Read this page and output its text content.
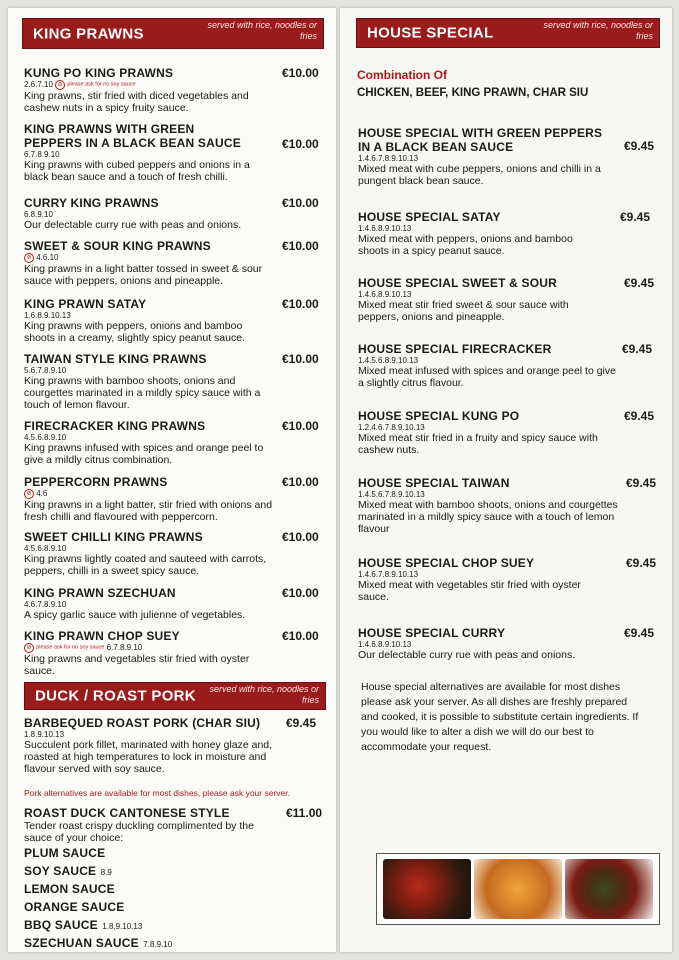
KING PRAWNS	served with rice, noodles or fries
KUNG PO KING PRAWNS	€10.00
2.6.7.10 ⊘ please ask for no soy sauce
King prawns, stir fried with diced vegetables and cashew nuts in a spicy fruity sauce.
KING PRAWNS WITH GREEN PEPPERS IN A BLACK BEAN SAUCE	€10.00
6.7.8.9.10
King prawns with cubed peppers and onions in a black bean sauce and a touch of fresh chilli.
CURRY KING PRAWNS	€10.00
6.8.9.10
Our delectable curry rue with peas and onions.
SWEET & SOUR KING PRAWNS	€10.00
⊘ 4.6.10
King prawns in a light batter tossed in sweet & sour sauce with peppers, onions and pineapple.
KING PRAWN SATAY	€10.00
1.6.8.9.10.13
King prawns with peppers, onions and bamboo shoots in a creamy, slightly spicy peanut sauce.
TAIWAN STYLE KING PRAWNS	€10.00
5.6.7.8.9.10
King prawns with bamboo shoots, onions and courgettes marinated in a mildly spicy sauce with a touch of lemon flavour.
FIRECRACKER KING PRAWNS	€10.00
4.5.6.8.9.10
King prawns infused with spices and orange peel to give a mildly citrus combination.
PEPPERCORN PRAWNS	€10.00
⊘ 4.6
King prawns in a light batter, stir fried with onions and fresh chilli and flavoured with peppercorn.
SWEET CHILLI KING PRAWNS	€10.00
4.5.6.8.9.10
King prawns lightly coated and sauteed with carrots, peppers, chilli in a sweet spicy sauce.
KING PRAWN SZECHUAN	€10.00
4.6.7.8.9.10
A spicy garlic sauce with julienne of vegetables.
KING PRAWN CHOP SUEY	€10.00
⊘ please ask for no soy sauce 6.7.8.9.10
King prawns and vegetables stir fried with oyster sauce.
DUCK / ROAST PORK	served with rice, noodles or fries
BARBEQUED ROAST PORK (CHAR SIU)	€9.45
1.8.9.10.13
Succulent pork fillet, marinated with honey glaze and, roasted at high temperatures to lock in moisture and flavour served with soy sauce.
Pork alternatives are available for most dishes, please ask your server.
ROAST DUCK CANTONESE STYLE	€11.00
Tender roast crispy duckling complimented by the sauce of your choice:
PLUM SAUCE
SOY SAUCE 8.9
LEMON SAUCE
ORANGE SAUCE
BBQ SAUCE 1.8.9.10.13
SZECHUAN SAUCE 7.8.9.10
HOUSE SPECIAL	served with rice, noodles or fries
Combination Of
CHICKEN, BEEF, KING PRAWN, CHAR SIU
HOUSE SPECIAL WITH GREEN PEPPERS IN A BLACK BEAN SAUCE	€9.45
1.4.6.7.8.9.10.13
Mixed meat with cube peppers, onions and chilli in a pungent black bean sauce.
HOUSE SPECIAL SATAY	€9.45
1.4.6.8.9.10.13
Mixed meat with peppers, onions and bamboo shoots in a spicy peanut sauce.
HOUSE SPECIAL SWEET & SOUR	€9.45
1.4.6.8.9.10.13
Mixed meat stir fried sweet & sour sauce with peppers, onions and pineapple.
HOUSE SPECIAL FIRECRACKER	€9.45
1.4.5.6.8.9.10.13
Mixed meat infused with spices and orange peel to give a slightly citrus flavour.
HOUSE SPECIAL KUNG PO	€9.45
1.2.4.6.7.8.9.10.13
Mixed meat stir fried in a fruity and spicy sauce with cashew nuts.
HOUSE SPECIAL TAIWAN	€9.45
1.4.5.6.7.8.9.10.13
Mixed meat with bamboo shoots, onions and courgettes marinated in a mildly spicy sauce with a touch of lemon flavour
HOUSE SPECIAL CHOP SUEY	€9.45
1.4.6.7.8.9.10.13
Mixed meat with vegetables stir fried with oyster sauce.
HOUSE SPECIAL CURRY	€9.45
1.4.6.8.9.10.13
Our delectable curry rue with peas and onions.
House special alternatives are available for most dishes please ask your server. As all dishes are freshly prepared and cooked, it is possible to substitute certain ingredients. If you would like to alter a dish we will do our best to accommodate your request.
